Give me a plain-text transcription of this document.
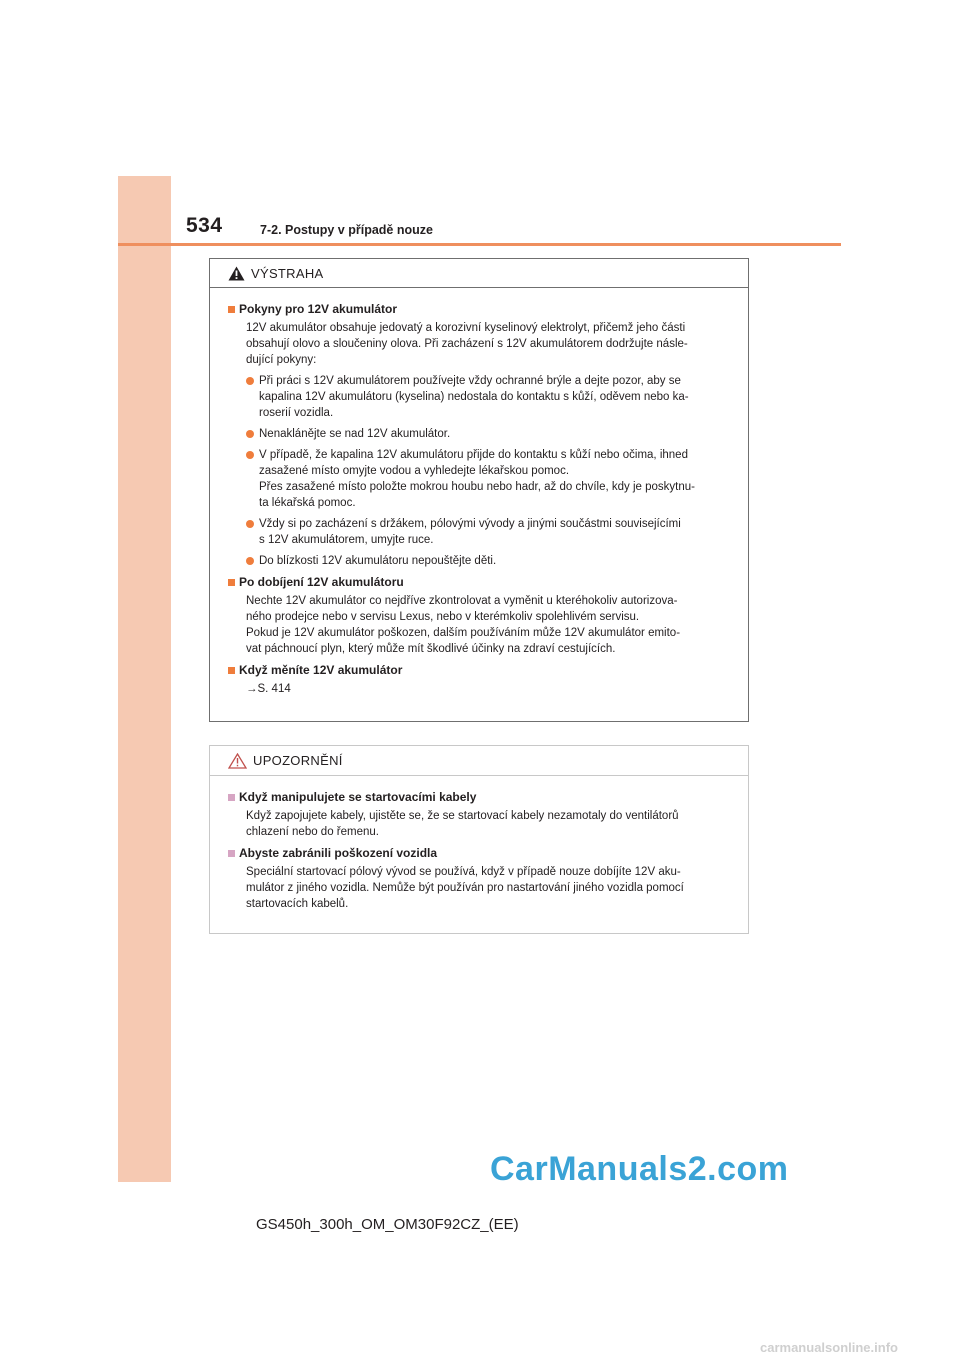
534	7-2. Postupy v případě nouze
VÝSTRAHA
Pokyny pro 12V akumulátor
12V akumulátor obsahuje jedovatý a korozivní kyselinový elektrolyt, přičemž jeho části
obsahují olovo a sloučeniny olova. Při zacházení s 12V akumulátorem dodržujte násle-
dující pokyny:
Při práci s 12V akumulátorem používejte vždy ochranné brýle a dejte pozor, aby se
kapalina 12V akumulátoru (kyselina) nedostala do kontaktu s kůží, oděvem nebo ka-
roserií vozidla.
Nenaklánějte se nad 12V akumulátor.
V případě, že kapalina 12V akumulátoru přijde do kontaktu s kůží nebo očima, ihned
zasažené místo omyjte vodou a vyhledejte lékařskou pomoc.
Přes zasažené místo položte mokrou houbu nebo hadr, až do chvíle, kdy je poskytnu-
ta lékařská pomoc.
Vždy si po zacházení s držákem, pólovými vývody a jinými součástmi souvisejícími
s 12V akumulátorem, umyjte ruce.
Do blízkosti 12V akumulátoru nepouštějte děti.
Po dobíjení 12V akumulátoru
Nechte 12V akumulátor co nejdříve zkontrolovat a vyměnit u kteréhokoliv autorizova-
ného prodejce nebo v servisu Lexus, nebo v kterémkoliv spolehlivém servisu.
Pokud je 12V akumulátor poškozen, dalším používáním může 12V akumulátor emito-
vat páchnoucí plyn, který může mít škodlivé účinky na zdraví cestujících.
Když měníte 12V akumulátor
→S. 414
UPOZORNĚNÍ
Když manipulujete se startovacími kabely
Když zapojujete kabely, ujistěte se, že se startovací kabely nezamotaly do ventilátorů
chlazení nebo do řemenu.
Abyste zabránili poškození vozidla
Speciální startovací pólový vývod se používá, když v případě nouze dobíjíte 12V aku-
mulátor z jiného vozidla. Nemůže být používán pro nastartování jiného vozidla pomocí
startovacích kabelů.
CarManuals2.com
GS450h_300h_OM_OM30F92CZ_(EE)
carmanualsonline.info
